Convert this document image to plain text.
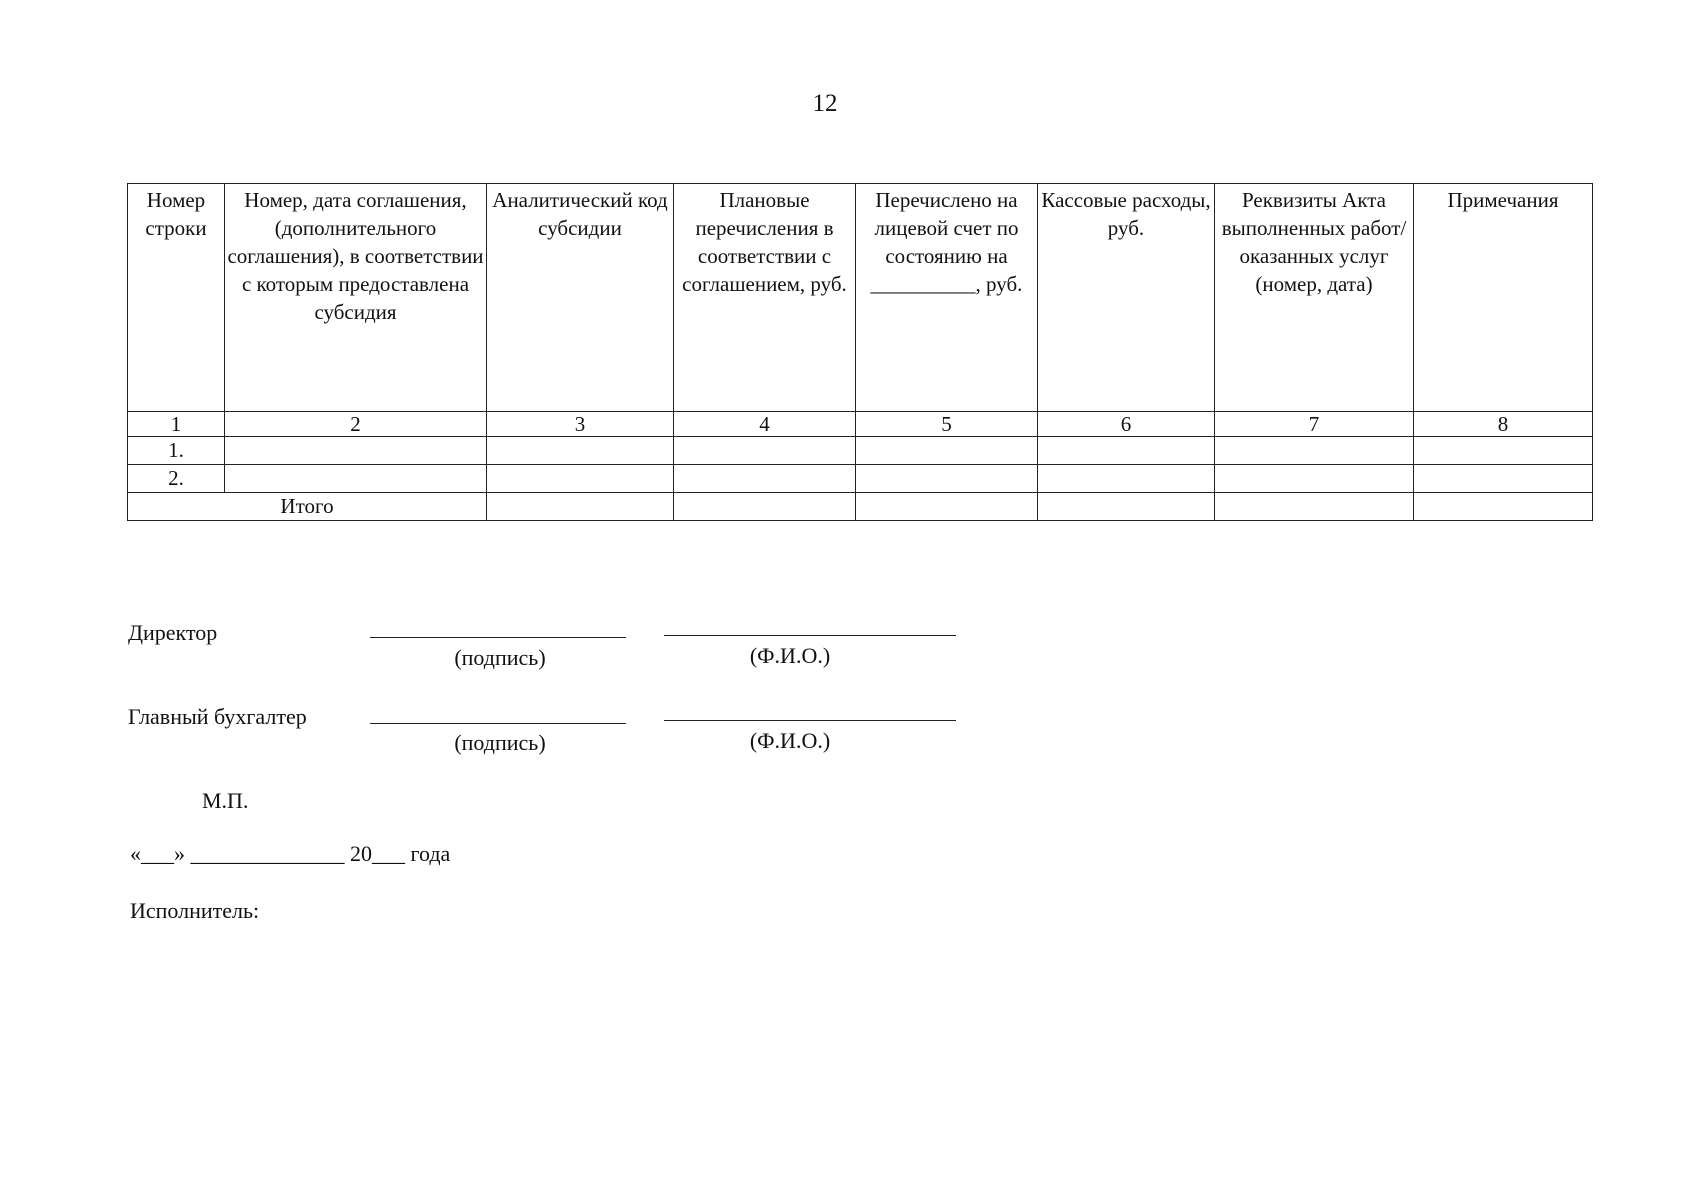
12
Номер строки	Номер, дата соглашения, (дополнительного соглашения), в соответствии с которым предоставлена субсидия	Аналитический код субсидии	Плановые перечисления в соответствии с соглашением, руб.	Перечислено на лицевой счет по состоянию на __________, руб.	Кассовые расходы, руб.	Реквизиты Акта выполненных работ/оказанных услуг (номер, дата)	Примечания
1	2	3	4	5	6	7	8
1.							
2.							
Итого							
Директор
(подпись)	(Ф.И.О.)
Главный бухгалтер
(подпись)	(Ф.И.О.)
М.П.
«___» ______________ 20___ года
Исполнитель:
